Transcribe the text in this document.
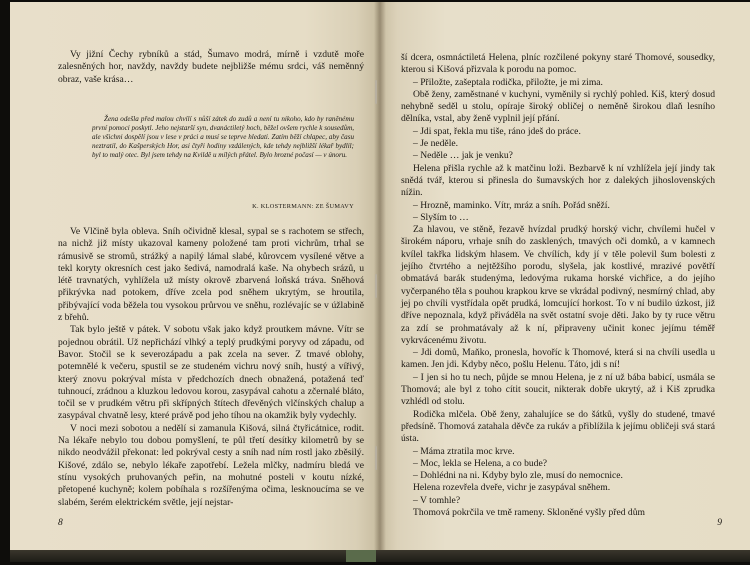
Vy jižní Čechy rybníků a stád, Šumavo modrá, mírně i vzdutě moře zalesněných hor, navždy, navždy budete nejbližše mému srdci, váš neměnný obraz, vaše krása…

Žena odešla před malou chvílí s nůší zátek do zudů a není tu nikoho, kdo by raněnému první pomoci poskytl. Jeho nejstarší syn, dvanáctiletý hoch, běžel ovšem rychle k sousedům, ale všichni dospělí jsou v lese v práci a musí se teprve hledati. Zatím běží chlapec, aby času neztratil, do Kašperských Hor, asi čtyři hodiny vzdálených, kde tehdy nejbližší lékař bydlil; byl to malý otec. Byl jsem tehdy na Kvildě u mílých přátel. Bylo hrozné počasí — v únoru.

K. KLOSTERMANN: ZE ŠUMAVY

Ve Vlčině byla obleva. Sníh očividně klesal, sypal se s rachotem se střech, na nichž již místy ukazoval kameny položené tam proti vichrům, trhal se rámusivě se stromů, strážký a napilý lámal slabé, kůrovcem vysílené větve a tekl koryty okresních cest jako šedivá, namodralá kaše. Na ohybech srázů, u létě travnatých, vyhlížela už místy okrově zbarvená loňská tráva. Sněhová přikrývka nad potokem, dříve zcela pod sněhem ukrytým, se hroutila, přibývající voda běžela tou vysokou průrvou ve sněhu, rozlévajíc se v úžlabině z břehů.

Tak bylo ještě v pátek. V sobotu však jako když proutkem mávne. Vítr se pojednou obrátil. Už nepřichází vlhký a teplý prudkými poryvy od západu, od Bavor. Stočil se k severozápadu a pak zcela na sever. Z tmavé oblohy, potemnělé k večeru, spustil se ze studeném vichru nový sníh, hustý a vířivý, který znovu pokrýval místa v předchozích dnech obnažená, potažená teď tuhnoucí, zrádnou a kluzkou ledovou korou, zasypával cahotu a zčernalé bláto, točil se v prudkém větru při skřípných štítech dřevěných vlčínských chalup a zasypával chvatně lesy, které právě pod jeho tíhou na okamžik byly vydechly.

V noci mezi sobotou a nedělí si zamanula Kišová, silná čtyřicátnice, rodit. Na lékaře nebylo tou dobou pomyšlení, te půl třetí desítky kilometrů by se nikdo neodvážil překonat: led pokrýval cesty a sníh nad ním rostl jako zběsilý. Kišové, zdálo se, nebylo lékaře zapotřebí. Ležela mlčky, nadmíru bledá ve stínu vysokých pruhovaných peřin, na mohutné posteli v koutu nízké, přetopené kuchyně; kolem pobíhala s rozšířenýma očima, lesknoucíma se ve slabém, šerém elektrickém světle, její nejstar-

8

ší dcera, osmnáctiletá Helena, plníc rozčilené pokyny staré Thomové, sousedky, kterou si Kišová přizvala k porodu na pomoc.

– Přiložte, zašeptala rodička, přiložte, je mi zima.

Obě ženy, zaměstnané v kuchyni, vyměnily si rychlý pohled. Kiš, který dosud nehybně seděl u stolu, opíraje široký obličej o neměně širokou dlaň lesního dělníka, vstal, aby ženě vyplnil její přání.

– Jdi spat, řekla mu tiše, ráno jdeš do práce.

– Je neděle.

– Neděle … jak je venku?

Helena přišla rychle až k matčinu loži. Bezbarvě k ní vzhlížela její jindy tak snědá tvář, kterou si přinesla do šumavských hor z dalekých jihoslovenských nížin.

– Hrozně, maminko. Vítr, mráz a sníh. Pořád sněží.

– Slyším to …

Za hlavou, ve stěně, řezavě hvízdal prudký horský vichr, chvílemi hučel v širokém náporu, vrhaje sníh do zasklených, tmavých oči domků, a v kamnech kvílel takřka lidským hlasem. Ve chvílích, kdy jí v těle polevil šum bolesti z jejího čtvrtého a nejtěžšího porodu, slyšela, jak kostlivé, mrazivé povětří obmatává barák studenýma, ledovýma rukama horské vichřice, a do jejího vyčerpaného těla s pouhou krapkou krve se vkrádal podivný, nesmírný chlad, aby jej po chvíli vystřídala opět prudká, lomcující horkost. To v ní budilo úzkost, již dříve nepoznala, když přiváděla na svět ostatní svoje děti. Jako by ty ruce větru za zdí se prohmatávaly až k ní, připraveny učinit konec jejímu téměř vykrvácenému životu.

– Jdi domů, Maňko, pronesla, hovoříc k Thomové, která si na chvíli usedla u kamen. Jen jdi. Kdyby něco, pošlu Helenu. Táto, jdi s ní!

– I jen si ho tu nech, půjde se mnou Helena, je z ní už bába babicí, usmála se Thomová; ale byl z toho cítit soucit, nikterak dobře ukrytý, až i Kiš zprudka vzhlédl od stolu.

Rodička mlčela. Obě ženy, zahalujíce se do šátků, vyšly do studené, tmavé předsíně. Thomová zatahala děvče za rukáv a přiblížila k jejímu obličeji svá stará ústa.

– Máma ztratila moc krve.

– Moc, lekla se Helena, a co bude?

– Dohlédni na ni. Kdyby bylo zle, musí do nemocnice.

Helena rozevřela dveře, vichr je zasypával sněhem.

– V tomhle?

Thomová pokrčila ve tmě rameny. Skloněné vyšly před dům

9
